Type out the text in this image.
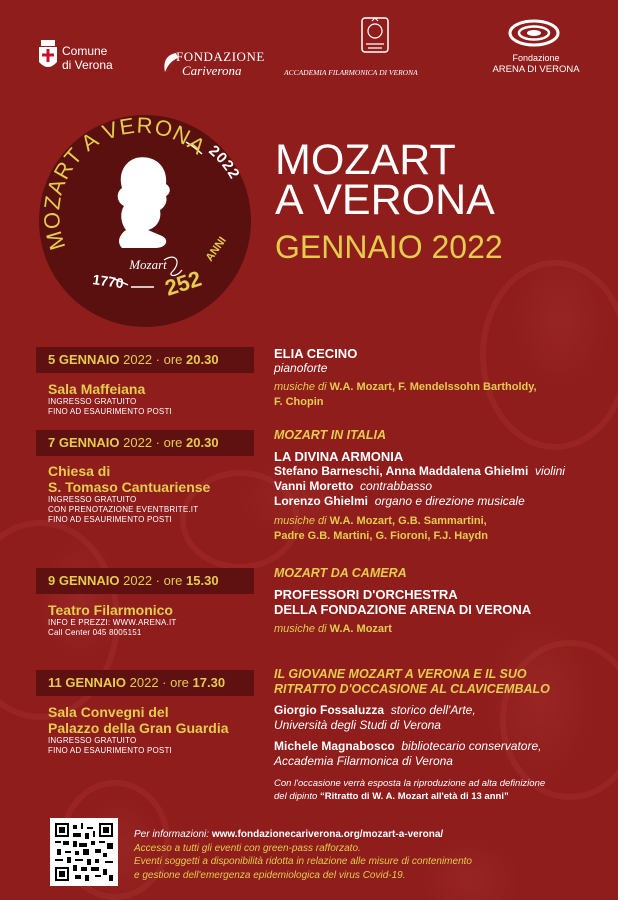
Comune
di Verona
FONDAZIONE
Cariverona	ACCADEMIA FILARMONICA DI VERONA
Fondazione
ARENA DI VERONA
MOZART A VERONA
2022
Mozart
1770 252
ANNI
MOZART
A VERONA
GENNAIO 2022
5 GENNAIO 2022 · ore 20.30
Sala Maffeiana
INGRESSO GRATUITO
FINO AD ESAURIMENTO POSTI
ELIA CECINO
pianoforte
musiche di W.A. Mozart, F. Mendelssohn Bartholdy,
F. Chopin
7 GENNAIO 2022 · ore 20.30
Chiesa di
S. Tomaso Cantuariense
INGRESSO GRATUITO
CON PRENOTAZIONE EVENTBRITE.IT
FINO AD ESAURIMENTO POSTI
MOZART IN ITALIA
LA DIVINA ARMONIA
Stefano Barneschi, Anna Maddalena Ghielmi violini
Vanni Moretto contrabbasso
Lorenzo Ghielmi organo e direzione musicale
musiche di W.A. Mozart, G.B. Sammartini,
Padre G.B. Martini, G. Fioroni, F.J. Haydn
9 GENNAIO 2022 · ore 15.30
Teatro Filarmonico
INFO E PREZZI: WWW.ARENA.IT
Call Center 045 8005151
MOZART DA CAMERA
PROFESSORI D'ORCHESTRA
DELLA FONDAZIONE ARENA DI VERONA
musiche di W.A. Mozart
11 GENNAIO 2022 · ore 17.30
Sala Convegni del
Palazzo della Gran Guardia
INGRESSO GRATUITO
FINO AD ESAURIMENTO POSTI
IL GIOVANE MOZART A VERONA E IL SUO
RITRATTO D'OCCASIONE AL CLAVICEMBALO
Giorgio Fossaluzza storico dell'Arte,
Università degli Studi di Verona
Michele Magnabosco bibliotecario conservatore,
Accademia Filarmonica di Verona
Con l'occasione verrà esposta la riproduzione ad alta definizione
del dipinto “Ritratto di W. A. Mozart all'età di 13 anni”
Per informazioni: www.fondazionecariverona.org/mozart-a-verona/
Accesso a tutti gli eventi con green-pass rafforzato.
Eventi soggetti a disponibilità ridotta in relazione alle misure di contenimento
e gestione dell'emergenza epidemiologica del virus Covid-19.
